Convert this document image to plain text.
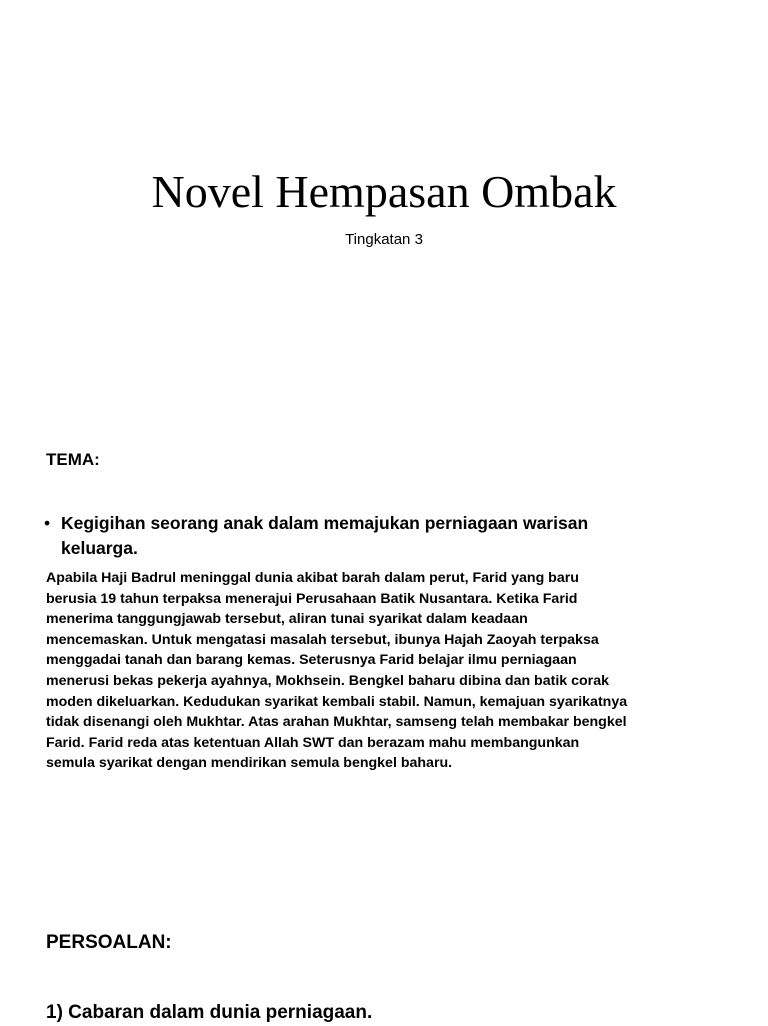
Novel Hempasan Ombak

Tingkatan 3

TEMA:
• Kegigihan seorang anak dalam memajukan perniagaan warisan keluarga.

Apabila Haji Badrul meninggal dunia akibat barah dalam perut, Farid yang baru berusia 19 tahun terpaksa menerajui Perusahaan Batik Nusantara. Ketika Farid menerima tanggungjawab tersebut, aliran tunai syarikat dalam keadaan mencemaskan. Untuk mengatasi masalah tersebut, ibunya Hajah Zaoyah terpaksa menggadai tanah dan barang kemas. Seterusnya Farid belajar ilmu perniagaan menerusi bekas pekerja ayahnya, Mokhsein. Bengkel baharu dibina dan batik corak moden dikeluarkan. Kedudukan syarikat kembali stabil. Namun, kemajuan syarikatnya tidak disenangi oleh Mukhtar. Atas arahan Mukhtar, samseng telah membakar bengkel Farid. Farid reda atas ketentuan Allah SWT dan berazam mahu membangunkan semula syarikat dengan mendirikan semula bengkel baharu.

PERSOALAN:
1) Cabaran dalam dunia perniagaan.
